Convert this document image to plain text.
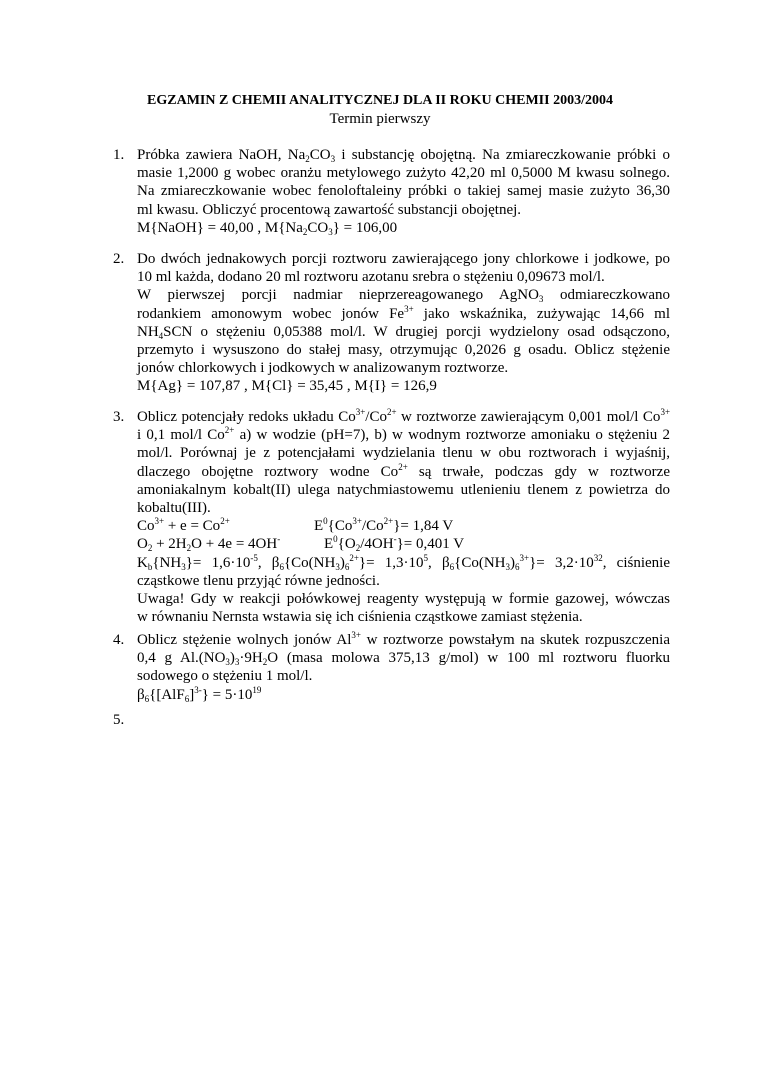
EGZAMIN Z CHEMII ANALITYCZNEJ DLA II ROKU CHEMII 2003/2004
Termin pierwszy
1. Próbka zawiera NaOH, $Na_2CO_3$ i substancję obojętną. Na zmiareczkowanie próbki o
masie 1,2000 g wobec oranżu metylowego zużyto 42,20 ml 0,5000 M kwasu solnego.
Na zmiareczkowanie wobec fenoloftaleiny próbki o takiej samej masie zużyto 36,30
ml kwasu. Obliczyć procentową zawartość substancji obojętnej.
M{NaOH} = 40,00 , $M\{Na_2CO_3\} = 106,00$
2. Do dwóch jednakowych porcji roztworu zawierającego jony chlorkowe i jodkowe, po
10 ml każda, dodano 20 ml roztworu azotanu srebra o stężeniu 0,09673 mol/l.
W pierwszej porcji nadmiar nieprzereagowanego AgNO$_3$ odmiareczkowano
rodankiem amonowym wobec jonów $Fe^{3+}$ jako wskaźnika, zużywając 14,66 ml
$NH_4SCN$ o stężeniu 0,05388 mol/l. W drugiej porcji wydzielony osad odsączono,
przemyto i wysuszono do stałej masy, otrzymując 0,2026 g osadu. Oblicz stężenie
jonów chlorkowych i jodkowych w analizowanym roztworze.
M{Ag} = 107,87 , M{Cl} = 35,45 , M{I} = 126,9
3. Oblicz potencjały redoks układu $Co^{3+}/Co^{2+}$ w roztworze zawierającym 0,001 mol/l $Co^{3+}$
i 0,1 mol/l $Co^{2+}$ a) w wodzie (pH=7), b) w wodnym roztworze amoniaku o stężeniu 2
mol/l. Porównaj je z potencjałami wydzielania tlenu w obu roztworach i wyjaśnij,
dlaczego obojętne roztwory wodne $Co^{2+}$ są trwałe, podczas gdy w roztworze
amoniakalnym kobalt(II) ulega natychmiastowemu utlenieniu tlenem z powietrza do
kobaltu(III).
$Co^{3+} + e = Co^{2+}$	$E^0\{Co^{3+}/Co^{2+}\}= 1,84$ V
$O_2 + 2H_2O + 4e = 4OH^-$	$E^0\{O_2/4OH^-\}= 0,401$ V
$K_b\{NH_3\}= 1,6\cdot 10^{-5}$, $\beta_6\{Co(NH_3)_6^{2+}\}= 1,3\cdot 10^5$, $\beta_6\{Co(NH_3)_6^{3+}\}= 3,2\cdot 10^{32}$, ciśnienie
cząstkowe tlenu przyjąć równe jedności.
Uwaga! Gdy w reakcji połówkowej reagenty występują w formie gazowej, wówczas
w równaniu Nernsta wstawia się ich ciśnienia cząstkowe zamiast stężenia.
4. Oblicz stężenie wolnych jonów $Al^{3+}$ w roztworze powstałym na skutek rozpuszczenia
0,4 g $Al.(NO_3)_3\cdot 9H_2O$ (masa molowa 375,13 g/mol) w 100 ml roztworu fluorku
sodowego o stężeniu 1 mol/l.
$\beta_6\{[AlF_6]^{3-}\} = 5\cdot 10^{19}$
5.
